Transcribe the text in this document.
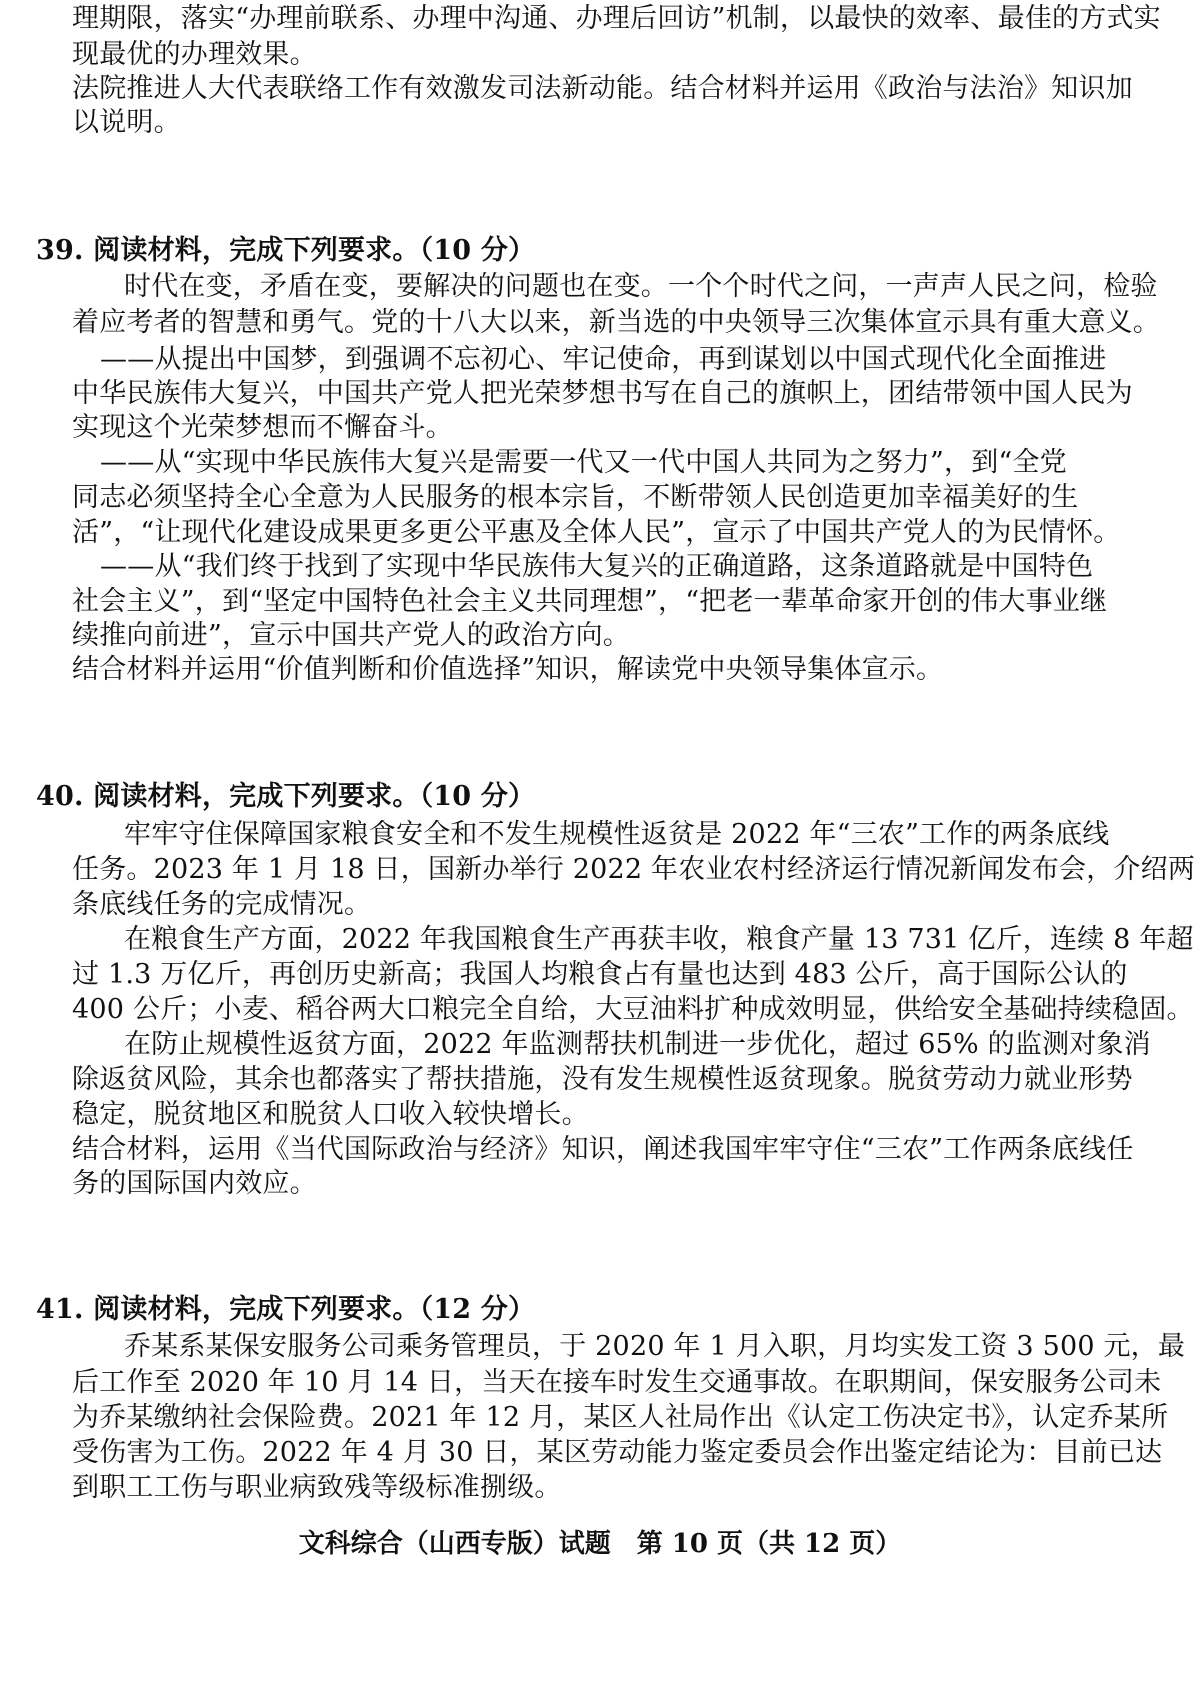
理期限，落实“办理前联系、办理中沟通、办理后回访”机制，以最快的效率、最佳的方式实
现最优的办理效果。
法院推进人大代表联络工作有效激发司法新动能。结合材料并运用《政治与法治》知识加
以说明。
39. 阅读材料，完成下列要求。（10 分）
时代在变，矛盾在变，要解决的问题也在变。一个个时代之问，一声声人民之问，检验
着应考者的智慧和勇气。党的十八大以来，新当选的中央领导三次集体宣示具有重大意义。
——从提出中国梦，到强调不忘初心、牢记使命，再到谋划以中国式现代化全面推进
中华民族伟大复兴，中国共产党人把光荣梦想书写在自己的旗帜上，团结带领中国人民为
实现这个光荣梦想而不懈奋斗。
——从“实现中华民族伟大复兴是需要一代又一代中国人共同为之努力”，到“全党
同志必须坚持全心全意为人民服务的根本宗旨，不断带领人民创造更加幸福美好的生
活”，“让现代化建设成果更多更公平惠及全体人民”，宣示了中国共产党人的为民情怀。
——从“我们终于找到了实现中华民族伟大复兴的正确道路，这条道路就是中国特色
社会主义”，到“坚定中国特色社会主义共同理想”，“把老一辈革命家开创的伟大事业继
续推向前进”，宣示中国共产党人的政治方向。
结合材料并运用“价值判断和价值选择”知识，解读党中央领导集体宣示。
40. 阅读材料，完成下列要求。（10 分）
牢牢守住保障国家粮食安全和不发生规模性返贫是 2022 年“三农”工作的两条底线
任务。2023 年 1 月 18 日，国新办举行 2022 年农业农村经济运行情况新闻发布会，介绍两
条底线任务的完成情况。
在粮食生产方面，2022 年我国粮食生产再获丰收，粮食产量 13 731 亿斤，连续 8 年超
过 1.3 万亿斤，再创历史新高；我国人均粮食占有量也达到 483 公斤，高于国际公认的
400 公斤；小麦、稻谷两大口粮完全自给，大豆油料扩种成效明显，供给安全基础持续稳固。
在防止规模性返贫方面，2022 年监测帮扶机制进一步优化，超过 65% 的监测对象消
除返贫风险，其余也都落实了帮扶措施，没有发生规模性返贫现象。脱贫劳动力就业形势
稳定，脱贫地区和脱贫人口收入较快增长。
结合材料，运用《当代国际政治与经济》知识，阐述我国牢牢守住“三农”工作两条底线任
务的国际国内效应。
41. 阅读材料，完成下列要求。（12 分）
乔某系某保安服务公司乘务管理员，于 2020 年 1 月入职，月均实发工资 3 500 元，最
后工作至 2020 年 10 月 14 日，当天在接车时发生交通事故。在职期间，保安服务公司未
为乔某缴纳社会保险费。2021 年 12 月，某区人社局作出《认定工伤决定书》，认定乔某所
受伤害为工伤。2022 年 4 月 30 日，某区劳动能力鉴定委员会作出鉴定结论为：目前已达
到职工工伤与职业病致残等级标准捌级。
文科综合（山西专版）试题　第 10 页（共 12 页）
